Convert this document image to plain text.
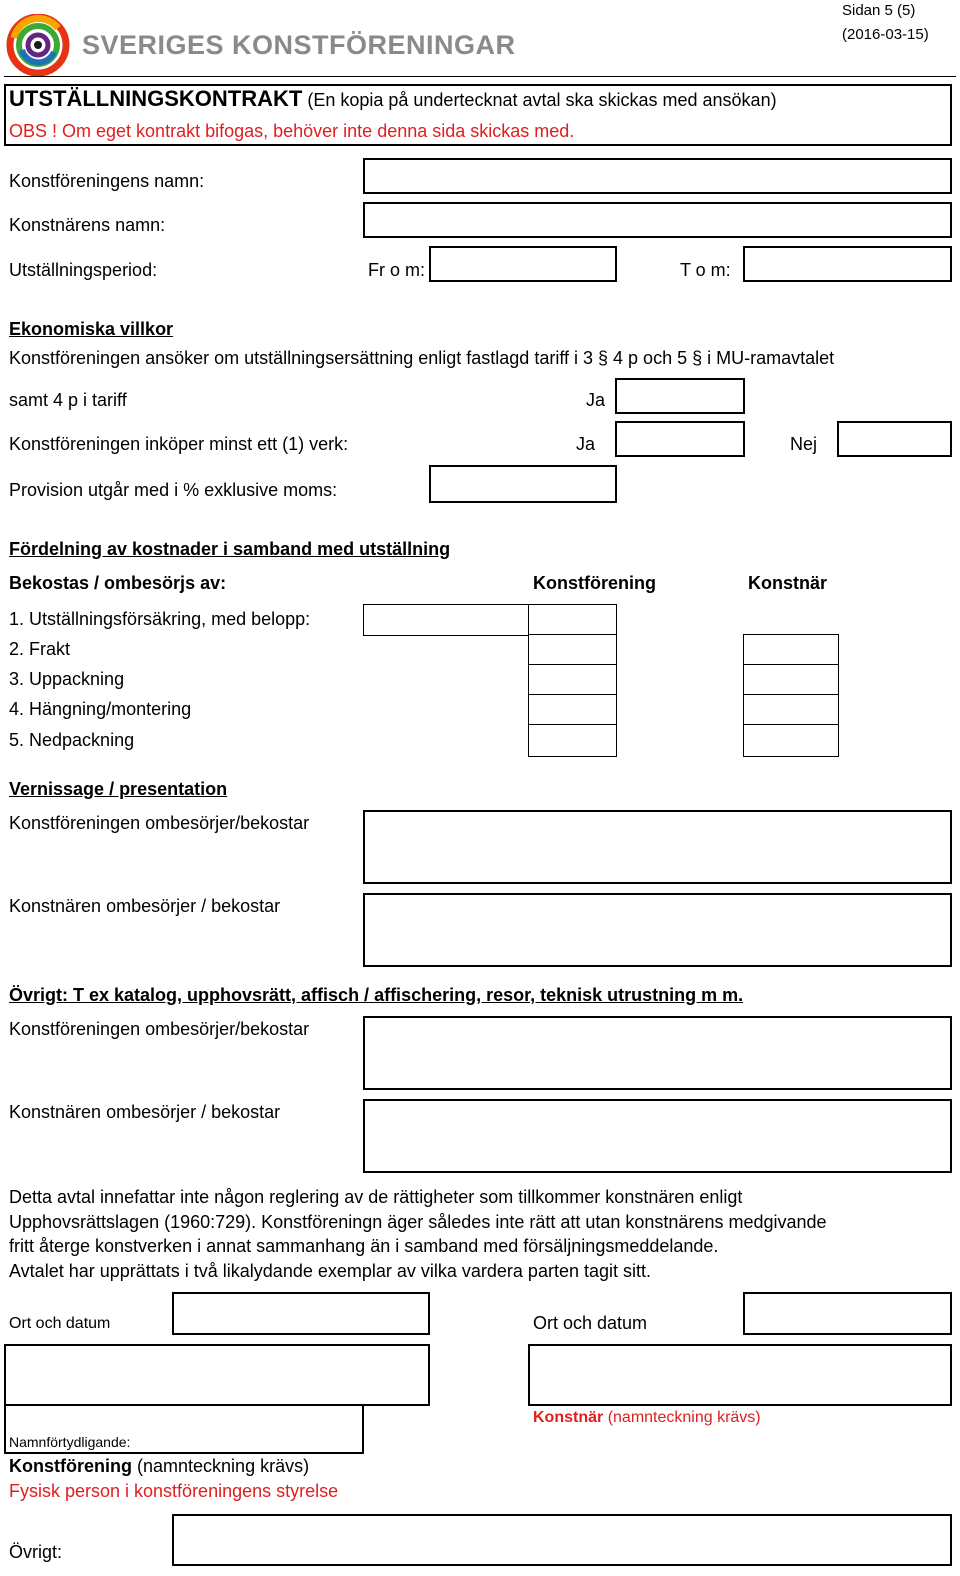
SVERIGES KONSTFÖRENINGAR
Sidan 5 (5)
(2016-03-15)
UTSTÄLLNINGSKONTRAKT (En kopia på undertecknat avtal ska skickas med ansökan)
OBS ! Om eget kontrakt bifogas, behöver inte denna sida skickas med.
Konstföreningens namn:
Konstnärens namn:
Utställningsperiod:	Fr o m:	T o m:
Ekonomiska villkor
Konstföreningen ansöker om utställningsersättning enligt fastlagd tariff i 3 § 4 p och 5 § i MU-ramavtalet
samt 4 p i tariff	Ja
Konstföreningen inköper minst ett (1) verk:	Ja	Nej
Provision utgår med i % exklusive moms:
Fördelning av kostnader i samband med utställning
Bekostas / ombesörjs av:	Konstförening	Konstnär
1. Utställningsförsäkring, med belopp:
2. Frakt
3. Uppackning
4. Hängning/montering
5. Nedpackning
Vernissage / presentation
Konstföreningen ombesörjer/bekostar
Konstnären ombesörjer / bekostar
Övrigt: T ex katalog, upphovsrätt, affisch / affischering, resor, teknisk utrustning m m.
Konstföreningen ombesörjer/bekostar
Konstnären ombesörjer / bekostar
Detta avtal innefattar inte någon reglering av de rättigheter som tillkommer konstnären enligt
Upphovsrättslagen (1960:729). Konstföreningn äger således inte rätt att utan konstnärens medgivande
fritt återge konstverken i annat sammanhang än i samband med försäljningsmeddelande.
Avtalet har upprättats i två likalydande exemplar av vilka vardera parten tagit sitt.
Ort och datum	Ort och datum
Konstnär (namnteckning krävs)
Namnförtydligande:
Konstförening (namnteckning krävs)
Fysisk person i konstföreningens styrelse
Övrigt:
